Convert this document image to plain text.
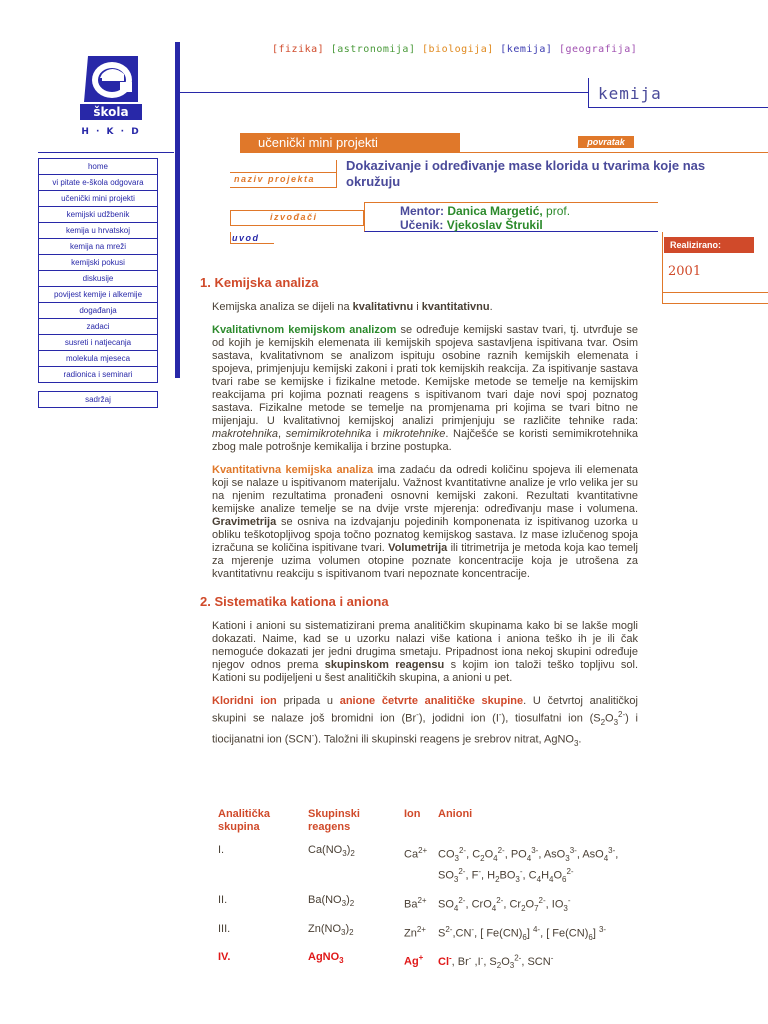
[fizika] [astronomija] [biologija] [kemija] [geografija]
škola
H · K · D
kemija
učenički mini projekti	povratak
home
vi pitate e-škola odgovara
učenički mini projekti
kemijski udžbenik
kemija u hrvatskoj
kemija na mreži
kemijski pokusi
diskusije
povijest kemije i alkemije
događanja
zadaci
susreti i natjecanja
molekula mjeseca
radionica i seminari
sadržaj
naziv projekta
izvođači
uvod
Dokazivanje i određivanje mase klorida u tvarima koje nas okružuju
Mentor: Danica Margetić, prof.
Učenik: Vjekoslav Štrukil
Realizirano:
2001
1. Kemijska analiza

Kemijska analiza se dijeli na kvalitativnu i kvantitativnu.

Kvalitativnom kemijskom analizom se određuje kemijski sastav tvari, tj. utvrđuje se od kojih je kemijskih elemenata ili kemijskih spojeva sastavljena ispitivana tvar. Osim sastava, kvalitativnom se analizom ispituju osobine raznih kemijskih elemenata i spojeva, primjenjuju kemijski zakoni i prati tok kemijskih reakcija. Za ispitivanje sastava tvari rabe se kemijske i fizikalne metode. Kemijske metode se temelje na kemijskim reakcijama pri kojima poznati reagens s ispitivanom tvari daje novi spoj poznatog sastava. Fizikalne metode se temelje na promjenama pri kojima se tvari bitno ne mijenjaju. U kvalitativnoj kemijskoj analizi primjenjuju se različite tehnike rada: makrotehnika, semimikrotehnika i mikrotehnike. Najčešće se koristi semimikrotehnika zbog male potrošnje kemikalija i brzine postupka.

Kvantitativna kemijska analiza ima zadaću da odredi količinu spojeva ili elemenata koji se nalaze u ispitivanom materijalu. Važnost kvantitativne analize je vrlo velika jer su na njenim rezultatima pronađeni osnovni kemijski zakoni. Rezultati kvantitativne kemijske analize temelje se na dvije vrste mjerenja: određivanju mase i volumena. Gravimetrija se osniva na izdvajanju pojedinih komponenata iz ispitivanog uzorka u obliku teškotopljivog spoja točno poznatog kemijskog sastava. Iz mase izlučenog spoja izračuna se količina ispitivane tvari. Volumetrija ili titrimetrija je metoda koja kao temelj za mjerenje uzima volumen otopine poznate koncentracije koja je utrošena za kvantitativnu reakciju s ispitivanom tvari nepoznate koncentracije.

2. Sistematika kationa i aniona

Kationi i anioni su sistematizirani prema analitičkim skupinama kako bi se lakše mogli dokazati. Naime, kad se u uzorku nalazi više kationa i aniona teško ih je ili čak nemoguće dokazati jer jedni drugima smetaju. Pripadnost iona nekoj skupini određuje njegov odnos prema skupinskom reagensu s kojim ion taloži teško topljivu sol. Kationi su podijeljeni u šest analitičkih skupina, a anioni u pet.

Kloridni ion pripada u anione četvrte analitičke skupine. U četvrtoj analitičkoj skupini se nalaze još bromidni ion (Br-), jodidni ion (I-), tiosulfatni ion $(S_2O_3^{2-})$ i tiocijanatni ion (SCN-). Taložni ili skupinski reagens je srebrov nitrat, AgNO$_3$.

Analitička skupina	Skupinski reagens	Ion	Anioni
I.	$Ca(NO_3)_2$	$Ca^{2+}$	$CO_3^{2-}$, $C_2O_4^{2-}$, $PO_4^{3-}$, AsO$_3^{3-}$, AsO$_4^{3-}$, $SO_3^{2-}$, F-, $H_2BO_3^-$, $C_4H_4O_6^{2-}$
II.	$Ba(NO_3)_2$	$Ba^{2+}$	$SO_4^{2-}$, CrO$_4^{2-}$, $Cr_2O_7^{2-}$, $IO_3^-$
III.	$Zn(NO_3)_2$	$Zn^{2+}$	$S^{2-},CN^-$, [ $Fe(CN)_6$] $^{4-}$, [ $Fe(CN)_6$] $^{3-}$
IV.	AgNO$_3$	Ag+	Cl-, Br- ,I-, $S_2O_3^{2-}$, SCN-
